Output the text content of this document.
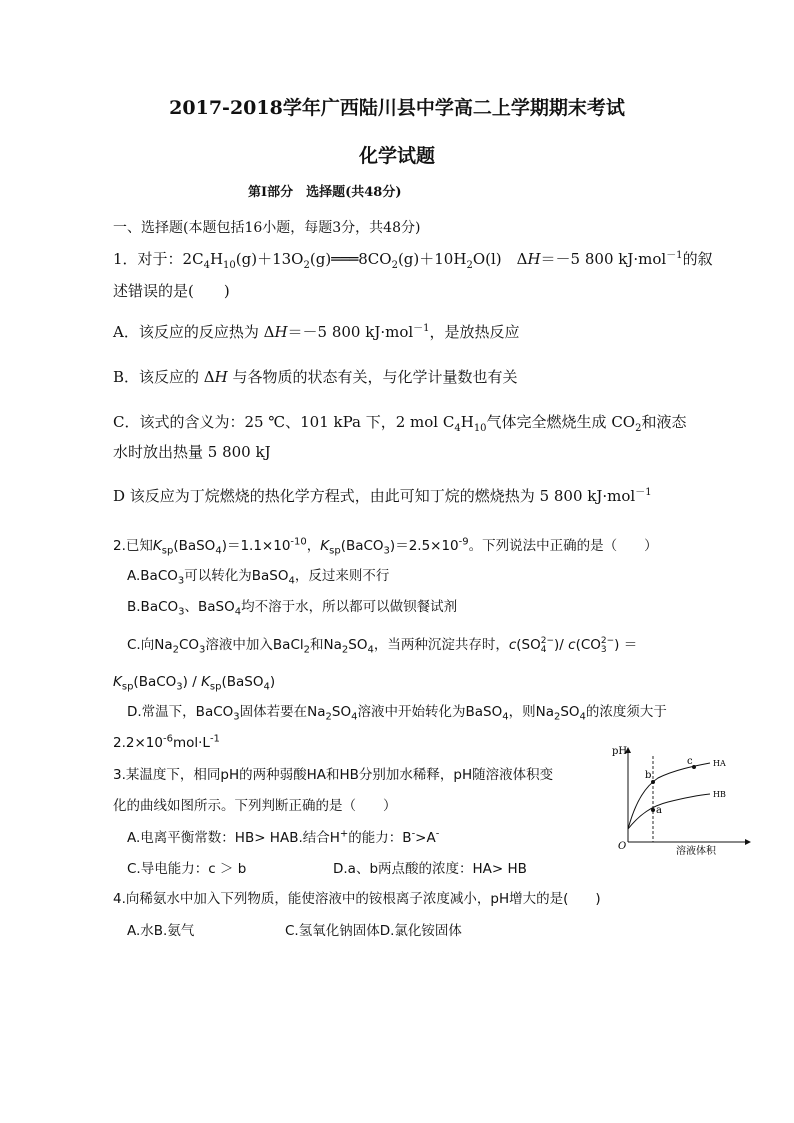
2017-2018学年广西陆川县中学高二上学期期末考试
化学试题
第Ⅰ部分　选择题(共48分)
一、选择题(本题包括16小题，每题3分，共48分)
1．对于：$2C_4H_{10}(g)+13O_2(g)═══8CO_2(g)+10H_2O(l)$　ΔH＝－5 800 kJ·mol$^{-1}$的叙
述错误的是(　　)
A．该反应的反应热为 ΔH＝－5 800 kJ·mol$^{-1}$，是放热反应
B．该反应的 ΔH 与各物质的状态有关，与化学计量数也有关
C．该式的含义为：25 ℃、101 kPa 下，2 mol $C_4H_{10}$气体完全燃烧生成 $CO_2$和液态
水时放出热量 5 800 kJ
D 该反应为丁烷燃烧的热化学方程式，由此可知丁烷的燃烧热为 5 800 kJ·mol$^{-1}$
2.已知$K_{sp}(BaSO_4)=1.1\times 10^{-10}$，$K_{sp}(BaCO_3)=2.5\times 10^{-9}$。下列说法中正确的是（　　）
A.BaCO$_3$可以转化为BaSO$_4$，反过来则不行
B.BaCO$_3$、BaSO$_4$均不溶于水，所以都可以做钡餐试剂
C.向$Na_2CO_3$溶液中加入BaCl$_2$和$Na_2SO_4$，当两种沉淀共存时，c(SO2−
4 )/ c(CO2−
3 ) ＝
$K_{sp}(BaCO_3)$ / $K_{sp}(BaSO_4)$
D.常温下，BaCO$_3$固体若要在$Na_2SO_4$溶液中开始转化为BaSO$_4$，则$Na_2SO_4$的浓度须大于
$2.2\times 10^{-6}mol\cdot L^{-1}$
3.某温度下，相同pH的两种弱酸HA和HB分别加水稀释，pH随溶液体积变
化的曲线如图所示。下列判断正确的是（　　）
A.电离平衡常数：HB> HAB.结合H+的能力：B->A-
C.导电能力：c ＞ b	D.a、b两点酸的浓度：HA> HB
pH
溶液体积
O
HA
HB
a
b
c
4.向稀氨水中加入下列物质，能使溶液中的铵根离子浓度减小，pH增大的是(　　)
A.水B.氨气	C.氢氧化钠固体D.氯化铵固体
